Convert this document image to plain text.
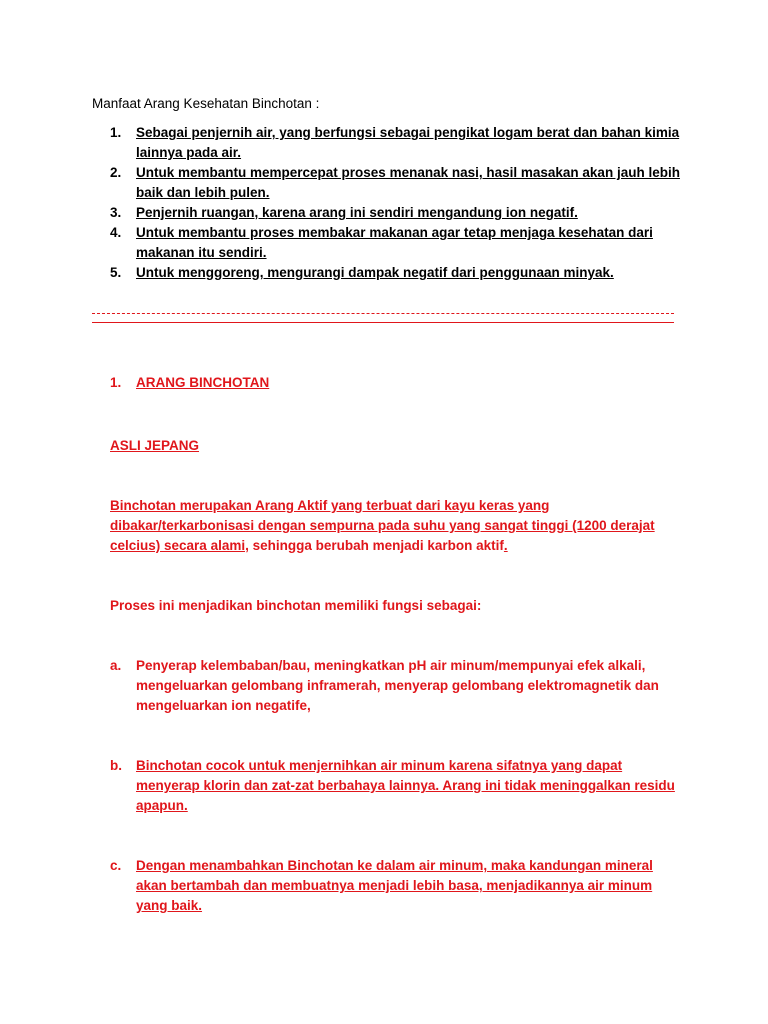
Manfaat Arang Kesehatan Binchotan :
1.	Sebagai penjernih air, yang berfungsi sebagai pengikat logam berat dan bahan kimia lainnya pada air.
2.	Untuk membantu mempercepat proses menanak nasi, hasil masakan akan jauh lebih baik dan lebih pulen.
3.	Penjernih ruangan, karena arang ini sendiri mengandung ion negatif.
4.	Untuk membantu proses membakar makanan agar tetap menjaga kesehatan dari makanan itu sendiri.
5.	Untuk menggoreng, mengurangi dampak negatif dari penggunaan minyak.
1. ARANG BINCHOTAN
ASLI JEPANG
Binchotan merupakan Arang Aktif yang terbuat dari kayu keras yang dibakar/terkarbonisasi dengan sempurna pada suhu yang sangat tinggi (1200 derajat celcius) secara alami, sehingga berubah menjadi karbon aktif.
Proses ini menjadikan binchotan memiliki fungsi sebagai:
a.	Penyerap kelembaban/bau, meningkatkan pH air minum/mempunyai efek alkali, mengeluarkan gelombang inframerah, menyerap gelombang elektromagnetik dan mengeluarkan ion negatife,
b.	Binchotan cocok untuk menjernihkan air minum karena sifatnya yang dapat menyerap klorin dan zat-zat berbahaya lainnya. Arang ini tidak meninggalkan residu apapun.
c.	Dengan menambahkan Binchotan ke dalam air minum, maka kandungan mineral akan bertambah dan membuatnya menjadi lebih basa, menjadikannya air minum yang baik.
